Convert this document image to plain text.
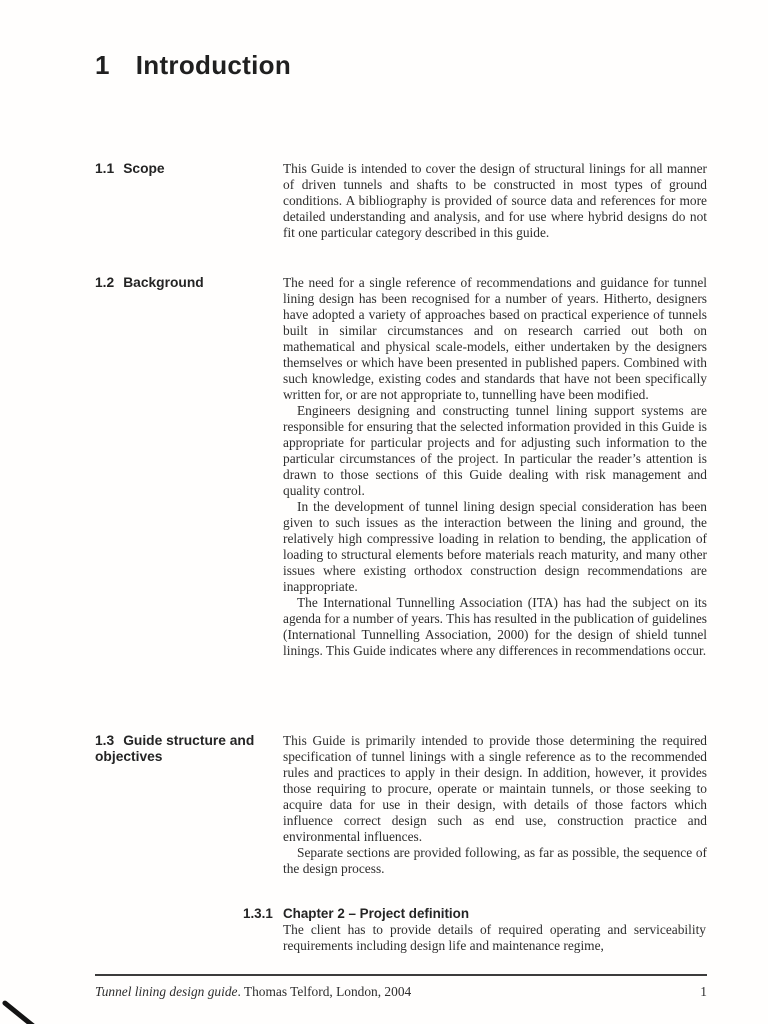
1 Introduction
1.1 Scope	This Guide is intended to cover the design of structural linings for all manner of driven tunnels and shafts to be constructed in most types of ground conditions. A bibliography is provided of source data and references for more detailed understanding and analysis, and for use where hybrid designs do not fit one particular category described in this guide.

1.2 Background	The need for a single reference of recommendations and guidance for tunnel lining design has been recognised for a number of years. Hitherto, designers have adopted a variety of approaches based on practical experience of tunnels built in similar circumstances and on research carried out both on mathematical and physical scale-models, either undertaken by the designers themselves or which have been presented in published papers. Combined with such knowledge, existing codes and standards that have not been specifically written for, or are not appropriate to, tunnelling have been modified.

Engineers designing and constructing tunnel lining support systems are responsible for ensuring that the selected information provided in this Guide is appropriate for particular projects and for adjusting such information to the particular circumstances of the project. In particular the reader’s attention is drawn to those sections of this Guide dealing with risk management and quality control.

In the development of tunnel lining design special consideration has been given to such issues as the interaction between the lining and ground, the relatively high compressive loading in relation to bending, the application of loading to structural elements before materials reach maturity, and many other issues where existing orthodox construction design recommendations are inappropriate.

The International Tunnelling Association (ITA) has had the subject on its agenda for a number of years. This has resulted in the publication of guidelines (International Tunnelling Association, 2000) for the design of shield tunnel linings. This Guide indicates where any differences in recommendations occur.

1.3 Guide structure and objectives

This Guide is primarily intended to provide those determining the required specification of tunnel linings with a single reference as to the recommended rules and practices to apply in their design. In addition, however, it provides those requiring to procure, operate or maintain tunnels, or those seeking to acquire data for use in their design, with details of those factors which influence correct design such as end use, construction practice and environmental influences.

Separate sections are provided following, as far as possible, the sequence of the design process.

1.3.1 Chapter 2 – Project definition

The client has to provide details of required operating and serviceability requirements including design life and maintenance regime,

Tunnel lining design guide. Thomas Telford, London, 2004	1
